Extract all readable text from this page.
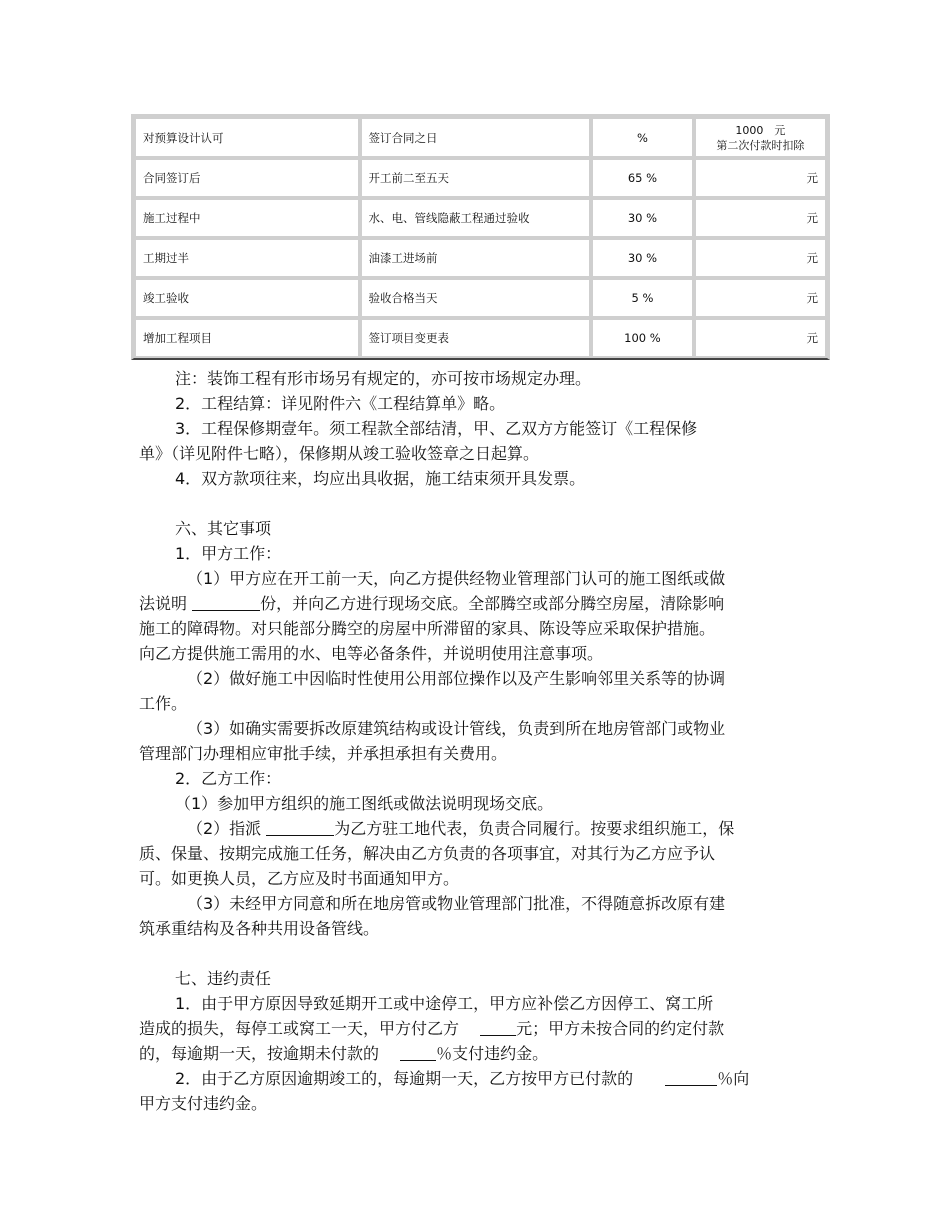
对预算设计认可	签订合同之日	%	1000　元
第二次付款时扣除

合同签订后	开工前二至五天	65 %	元
施工过程中	水、电、管线隐蔽工程通过验收	30 %	元
工期过半	油漆工进场前	30 %	元
竣工验收	验收合格当天	5 %	元
增加工程项目	签订项目变更表	100 %	元

注：装饰工程有形市场另有规定的，亦可按市场规定办理。

2．工程结算：详见附件六《工程结算单》略。

3．工程保修期壹年。须工程款全部结清，甲、乙双方方能签订《工程保修

单》（详见附件七略），保修期从竣工验收签章之日起算。

4．双方款项往来，均应出具收据，施工结束须开具发票。

六、其它事项

1．甲方工作：

（1）甲方应在开工前一天，向乙方提供经物业管理部门认可的施工图纸或做

法说明	份，并向乙方进行现场交底。全部腾空或部分腾空房屋，清除影响

施工的障碍物。对只能部分腾空的房屋中所滞留的家具、陈设等应采取保护措施。

向乙方提供施工需用的水、电等必备条件，并说明使用注意事项。

（2）做好施工中因临时性使用公用部位操作以及产生影响邻里关系等的协调

工作。

（3）如确实需要拆改原建筑结构或设计管线，负责到所在地房管部门或物业

管理部门办理相应审批手续，并承担承担有关费用。

2．乙方工作：

（1）参加甲方组织的施工图纸或做法说明现场交底。

（2）指派	为乙方驻工地代表，负责合同履行。按要求组织施工，保

质、保量、按期完成施工任务，解决由乙方负责的各项事宜，对其行为乙方应予认

可。如更换人员，乙方应及时书面通知甲方。

（3）未经甲方同意和所在地房管或物业管理部门批准，不得随意拆改原有建

筑承重结构及各种共用设备管线。

七、违约责任

1．由于甲方原因导致延期开工或中途停工，甲方应补偿乙方因停工、窝工所

造成的损失，每停工或窝工一天，甲方付乙方　 元；甲方未按合同的约定付款

的，每逾期一天，按逾期未付款的　 ％支付违约金。

2．由于乙方原因逾期竣工的，每逾期一天，乙方按甲方已付款的　　	％向

甲方支付违约金。
